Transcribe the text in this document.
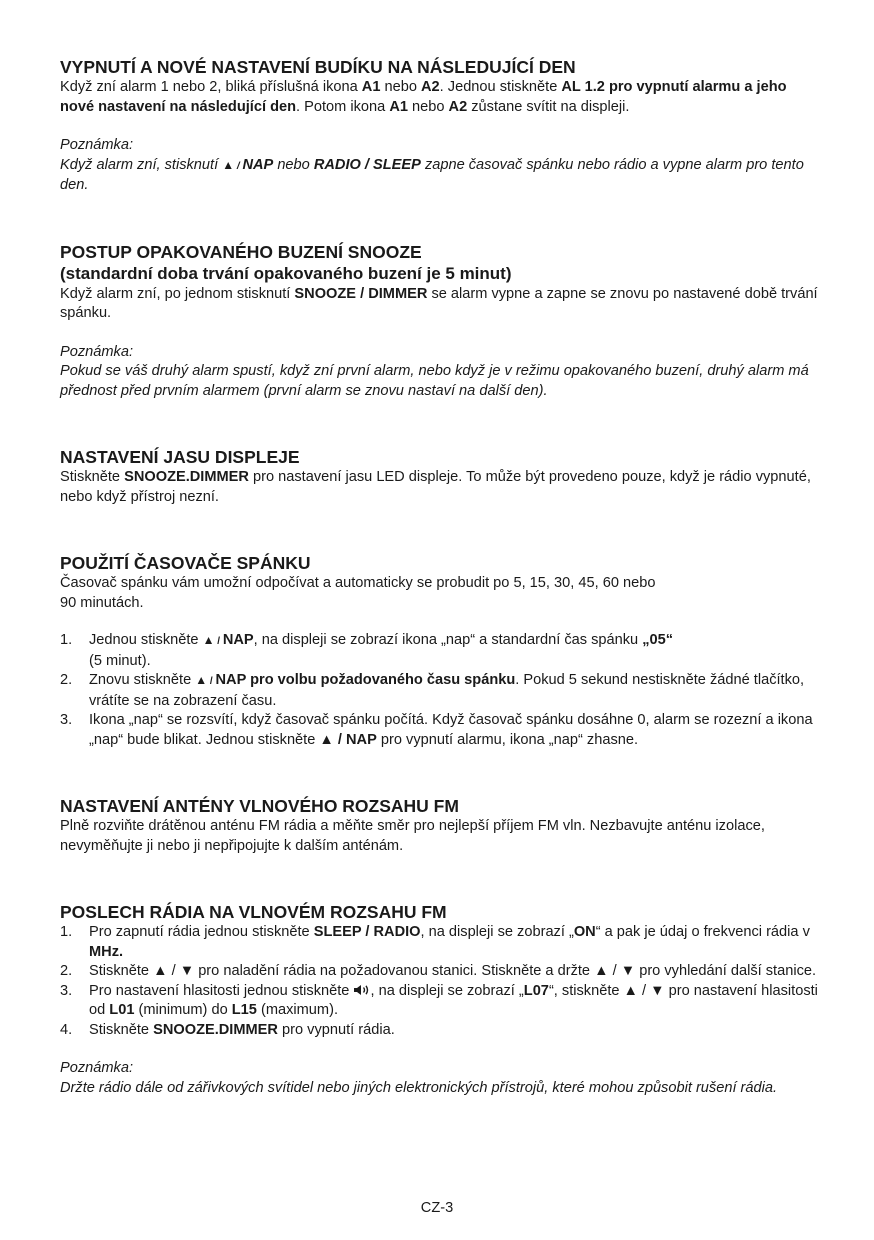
VYPNUTÍ A NOVÉ NASTAVENÍ BUDÍKU NA NÁSLEDUJÍCÍ DEN

Když zní alarm 1 nebo 2, bliká příslušná ikona A1 nebo A2. Jednou stiskněte AL 1.2 pro vypnutí alarmu a jeho nové nastavení na následující den. Potom ikona A1 nebo A2 zůstane svítit na displeji.

Poznámka:

Když alarm zní, stisknutí ▲ / NAP nebo RADIO / SLEEP zapne časovač spánku nebo rádio a vypne alarm pro tento den.

POSTUP OPAKOVANÉHO BUZENÍ SNOOZE
(standardní doba trvání opakovaného buzení je 5 minut)

Když alarm zní, po jednom stisknutí SNOOZE / DIMMER se alarm vypne a zapne se znovu po nastavené době trvání spánku.

Poznámka:

Pokud se váš druhý alarm spustí, když zní první alarm, nebo když je v režimu opakovaného buzení, druhý alarm má přednost před prvním alarmem (první alarm se znovu nastaví na další den).

NASTAVENÍ JASU DISPLEJE

Stiskněte SNOOZE.DIMMER pro nastavení jasu LED displeje. To může být provedeno pouze, když je rádio vypnuté, nebo když přístroj nezní.

POUŽITÍ ČASOVAČE SPÁNKU

Časovač spánku vám umožní odpočívat a automaticky se probudit po 5, 15, 30, 45, 60 nebo
90 minutách.

1. Jednou stiskněte ▲ / NAP, na displeji se zobrazí ikona „nap“ a standardní čas spánku „05“
(5 minut).
2. Znovu stiskněte ▲ / NAP pro volbu požadovaného času spánku. Pokud 5 sekund nestiskněte žádné tlačítko, vrátíte se na zobrazení času.
3. Ikona „nap“ se rozsvítí, když časovač spánku počítá. Když časovač spánku dosáhne 0, alarm se rozezní a ikona „nap“ bude blikat. Jednou stiskněte ▲ / NAP pro vypnutí alarmu, ikona „nap“ zhasne.
NASTAVENÍ ANTÉNY VLNOVÉHO ROZSAHU FM

Plně rozviňte drátěnou anténu FM rádia a měňte směr pro nejlepší příjem FM vln. Nezbavujte anténu izolace, nevyměňujte ji nebo ji nepřipojujte k dalším anténám.

POSLECH RÁDIA NA VLNOVÉM ROZSAHU FM
1. Pro zapnutí rádia jednou stiskněte SLEEP / RADIO, na displeji se zobrazí „ON“ a pak je údaj o frekvenci rádia v MHz.
2. Stiskněte ▲ / ▼ pro naladění rádia na požadovanou stanici. Stiskněte a držte ▲ / ▼ pro vyhledání další stanice.
3. Pro nastavení hlasitosti jednou stiskněte , na displeji se zobrazí „L07“, stiskněte ▲ / ▼ pro nastavení hlasitosti od L01 (minimum) do L15 (maximum).
4. Stiskněte SNOOZE.DIMMER pro vypnutí rádia.

Poznámka:

Držte rádio dále od zářivkových svítidel nebo jiných elektronických přístrojů, které mohou způsobit rušení rádia.

CZ-3
